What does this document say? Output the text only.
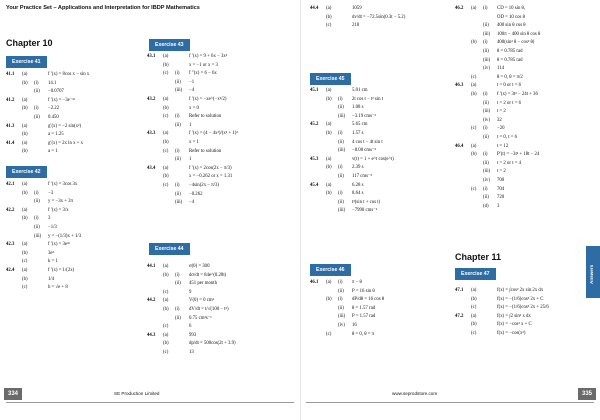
Your Practice Set – Applications and Interpretation for IBDP Mathematics
Chapter 10
Chapter 11
Exercise 41
Exercise 42
Exercise 43
Exercise 44
Exercise 45
Exercise 46
Exercise 47
41.1 (a)	f ′(x) = 8cos x − sin x
(b) (i) 14.1
(ii) −0.0707
41.2 (a)	f ′(x) = −3e⁻³ˣ
(b) (i) −2.22
(ii) 0.450
41.3 (a)	g′(x) = −2 sin(x²)
(b)	a = 1.25
41.4 (a)	g′(x) = 2x ln x + x
(b)	a = 1
42.1 (a)	f ′(x) = 3cos 3x
(b) (i) −3
(ii) y = −3x + 3π
42.2 (a)	f ′(x) = 3/x
(b) (i) 3
(ii) −1/3
(iii) y = −(1/3)x + 1/3
42.3 (a)	f ′(x) = 3e³ˣ
(b)	3e³
(c)	k = 1
42.4 (a)	f ′(x) = 1/(2x)
(b)	1/4
(c)	b = √e + 8
43.1 (a)	f ′(x) = 9 + 6x − 3x²
(b)	x = −1 or x = 3
(c) (i) f ″(x) = 6 − 6x
(ii) −1
(iii) −4
43.2 (a)	f ′(x) = −xe^(−x²/2)
(b)	x = 0
(c) (i) Refer to solution
(ii) 1
43.3 (a)	f ′(x) = (4 − 4x²)/(x² + 1)²
(b)	x = 1
(c) (i) Refer to solution
(ii) 1
43.4 (a)	f ′(x) = 2cos(2x − π/3)
(b)	x = −0.262 or x = 1.31
(c) (i) −4sin(2x − π/3)
(ii) −0.262
(iii) −4
44.1 (a)	σ(0) = 300
(b) (i) dσ/dt = 84e^(0.28t)
(ii) 451 per month
(c)	9
44.2 (a)	V(0) = 0 cm³
(b) (i) dV/dt = t/√(100 − t²)
(ii) 0.75 cm³s⁻¹
(c)	6
44.3 (a)	993
(b)	dp/dt = 500cos(2t + 3.9)
(c)	13
44.4 (a)	1059
(b)	dv/dt = −72.5sin(0.3t − 5.2)
(c)	218
45.1 (a)	5.01 cm
(b) (i) 2t cos t − t² sin t
(ii) 1.08 s
(iii) −3.19 cms⁻²
45.2 (a)	5.65 cm
(b) (i) 1.57 s
(ii) 4 cos t − 4t sin t
(iii) −8.00 cms⁻²
45.3 (a)	v(t) = 1 + e^t cos(e^t)
(b) (i) 2.39 s
(ii) 117 cms⁻²
45.4 (a)	6.28 s
(b) (i) 8.64 s
(ii) t²(sin t + cos t)
(iii) −7990 cms⁻²
46.1 (a) (i) π − θ
(ii) P = 16 sin θ
(b) (i) dP/dθ = 16 cos θ
(ii) θ = 1.57 rad
(iii) P = 1.57 rad
(iv) 16
(c)	θ = 0, θ = π
46.2 (a) (i) CD = 10 sin θ,
OD = 10 cos θ
(ii) 400 sin θ cos θ
(iii) 100π − 400 sin θ cos θ
(b) (i) 400(sin² θ − cos² θ)
(ii) θ = 0.785 rad
(iii) θ = 0.785 rad
(iv) 114
(c)	θ = 0, θ = π/2
46.3 (a)	t = 0 or t = 6
(b) (i) f ′(x) = 3t² − 24t + 36
(ii) t = 2 or t = 6
(iii) t = 2
(iv) 32
(c) (i) −20
(ii) t = 0, t = 6
46.4 (a)	t = 12
(b) (i) P′(t) = −3t² + 18t − 24
(ii) t = 2 or t = 4
(iii) t = 2
(iv) 700
(c) (i) 704
(ii) 720
(d) 3
47.1 (a)	f(x) = ∫cos² 2x sin 2x dx
(b)	f(x) = −(1/6)cos³ 2x + C
(c)	f(x) = −(1/6)cos³ 2x + 25/6
47.2 (a)	f(x) = ∫2 sin³ x dx
(b)	f(x) = −cos² x + C
(c)	f(x) = −cos(x²)
Answers
334	335
SE Production Limited	www.seprodstore.com
